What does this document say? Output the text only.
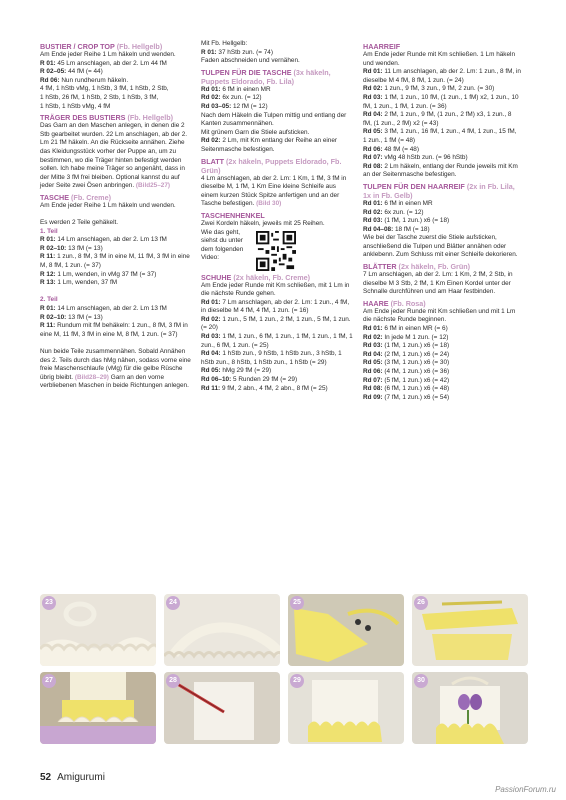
BUSTIER / CROP TOP (Fb. Hellgelb)

Am Ende jeder Reihe 1 Lm häkeln und wenden.

R 01: 45 Lm anschlagen, ab der 2. Lm 44 fM

R 02–05: 44 fM (= 44)

Rd 06: Nun rundherum häkeln.

4 fM, 1 hStb vMg, 1 hStb, 3 fM, 1 hStb, 2 Stb,

1 hStb, 26 fM, 1 hStb, 2 Stb, 1 hStb, 3 fM,

1 hStb, 1 hStb vMg, 4 fM

TRÄGER DES BUSTIERS (Fb. Hellgelb)

Das Garn an den Maschen anlegen, in denen die 2 Stb gearbeitet wurden. 22 Lm anschlagen, ab der 2. Lm 21 fM häkeln. An die Rückseite annähen. Ziehe das Kleidungsstück vorher der Puppe an, um zu bestimmen, wo die Träger hinten befestigt werden sollen. Ich habe meine Träger so angenäht, dass in der Mitte 3 fM frei bleiben. Optional kannst du auf jeder Seite zwei Ösen anbringen. (Bild25–27)

TASCHE (Fb. Creme)

Am Ende jeder Reihe 1 Lm häkeln und wenden.

Es werden 2 Teile gehäkelt.

1. Teil

R 01: 14 Lm anschlagen, ab der 2. Lm 13 fM

R 02–10: 13 fM (= 13)

R 11: 1 zun., 8 fM, 3 fM in eine M, 11 fM, 3 fM in eine M, 8 fM, 1 zun. (= 37)

R 12: 1 Lm, wenden, in vMg 37 fM (= 37)

R 13: 1 Lm, wenden, 37 fM

2. Teil

R 01: 14 Lm anschlagen, ab der 2. Lm 13 fM

R 02–10: 13 fM (= 13)

R 11: Rundum mit fM behäkeln: 1 zun., 8 fM, 3 fM in eine M, 11 fM, 3 fM in eine M, 8 fM, 1 zun. (= 37)

Nun beide Teile zusammennähen. Sobald Annähen des 2. Teils durch das hMg nähen, sodass vorne eine freie Maschenschlaufe (vMg) für die gelbe Rüsche übrig bleibt. (Bild28–29) Garn an den vorne verbliebenen Maschen in beide Richtungen anlegen.

Mit Fb. Hellgelb:

R 01: 37 hStb zun. (= 74)

Faden abschneiden und vernähen.

TULPEN FÜR DIE TASCHE (3x häkeln, Puppets Eldorado, Fb. Lila)

Rd 01: 6 fM in einen MR

Rd 02: 6x zun. (= 12)

Rd 03–05: 12 fM (= 12)

Nach dem Häkeln die Tulpen mittig und entlang der Kanten zusammennähen.

Mit grünem Garn die Stiele aufsticken.

Rd 02: 2 Lm, mit Km entlang der Reihe an einer Seitenmasche befestigen.

BLATT (2x häkeln, Puppets Eldorado, Fb. Grün)

4 Lm anschlagen, ab der 2. Lm: 1 Km, 1 fM, 3 fM in dieselbe M, 1 fM, 1 Km Eine kleine Schleife aus einem kurzen Stück Spitze anfertigen und an der Tasche befestigen. (Bild 30)

TASCHENHENKEL

Zwei Kordeln häkeln, jeweils mit 25 Reihen.

Wie das geht, siehst du unter dem folgenden Video:

SCHUHE (2x häkeln, Fb. Creme)

Am Ende jeder Runde mit Km schließen, mit 1 Lm in die nächste Runde gehen.

Rd 01: 7 Lm anschlagen, ab der 2. Lm: 1 zun., 4 fM, in dieselbe M 4 fM, 4 fM, 1 zun. (= 16)

Rd 02: 1 zun., 5 fM, 1 zun., 2 fM, 1 zun., 5 fM, 1 zun. (= 20)

Rd 03: 1 fM, 1 zun., 6 fM, 1 zun., 1 fM, 1 zun., 1 fM, 1 zun., 6 fM, 1 zun. (= 25)

Rd 04: 1 hStb zun., 9 hStb, 1 hStb zun., 3 hStb, 1 hStb zun., 8 hStb, 1 hStb zun., 1 hStb (= 29)

Rd 05: hMg 29 fM (= 29)

Rd 06–10: 5 Runden 29 fM (= 29)

Rd 11: 9 fM, 2 abn., 4 fM, 2 abn., 8 fM (= 25)

HAARREIF

Am Ende jeder Runde mit Km schließen. 1 Lm häkeln und wenden.

Rd 01: 11 Lm anschlagen, ab der 2. Lm: 1 zun., 8 fM, in dieselbe M 4 fM, 8 fM, 1 zun. (= 24)

Rd 02: 1 zun., 9 fM, 3 zun., 9 fM, 2 zun. (= 30)

Rd 03: 1 fM, 1 zun., 10 fM, (1 zun., 1 fM) x2, 1 zun., 10 fM, 1 zun., 1 fM, 1 zun. (= 36)

Rd 04: 2 fM, 1 zun., 9 fM, (1 zun., 2 fM) x3, 1 zun., 8 fM, (1 zun., 2 fM) x2 (= 43)

Rd 05: 3 fM, 1 zun., 16 fM, 1 zun., 4 fM, 1 zun., 15 fM, 1 zun., 1 fM (= 48)

Rd 06: 48 fM (= 48)

Rd 07: vMg 48 hStb zun. (= 96 hStb)

Rd 08: 2 Lm häkeln, entlang der Runde jeweils mit Km an der Seitenmasche befestigen.

TULPEN FÜR DEN HAARREIF (2x in Fb. Lila, 1x in Fb. Gelb)

Rd 01: 6 fM in einen MR

Rd 02: 6x zun. (= 12)

Rd 03: (1 fM, 1 zun.) x6 (= 18)

Rd 04–08: 18 fM (= 18)

Wie bei der Tasche zuerst die Stiele aufsticken, anschließend die Tulpen und Blätter annähen oder anklebenn. Zum Schluss mit einer Schleife dekorieren.

BLÄTTER (2x häkeln, Fb. Grün)

7 Lm anschlagen, ab der 2. Lm: 1 Km, 2 fM, 2 Stb, in dieselbe M 3 Stb, 2 fM, 1 Km Einen Kordel unter der Schnalle durchführen und am Haar festbinden.

HAARE (Fb. Rosa)

Am Ende jeder Runde mit Km schließen und mit 1 Lm die nächste Runde beginnen.

Rd 01: 6 fM in einen MR (= 6)

Rd 02: In jede M 1 zun. (= 12)

Rd 03: (1 fM, 1 zun.) x6 (= 18)

Rd 04: (2 fM, 1 zun.) x6 (= 24)

Rd 05: (3 fM, 1 zun.) x6 (= 30)

Rd 06: (4 fM, 1 zun.) x6 (= 36)

Rd 07: (5 fM, 1 zun.) x6 (= 42)

Rd 08: (6 fM, 1 zun.) x6 (= 48)

Rd 09: (7 fM, 1 zun.) x6 (= 54)

23	24	25	26
27	28	29	30
52 Amigurumi
PassionForum.ru
